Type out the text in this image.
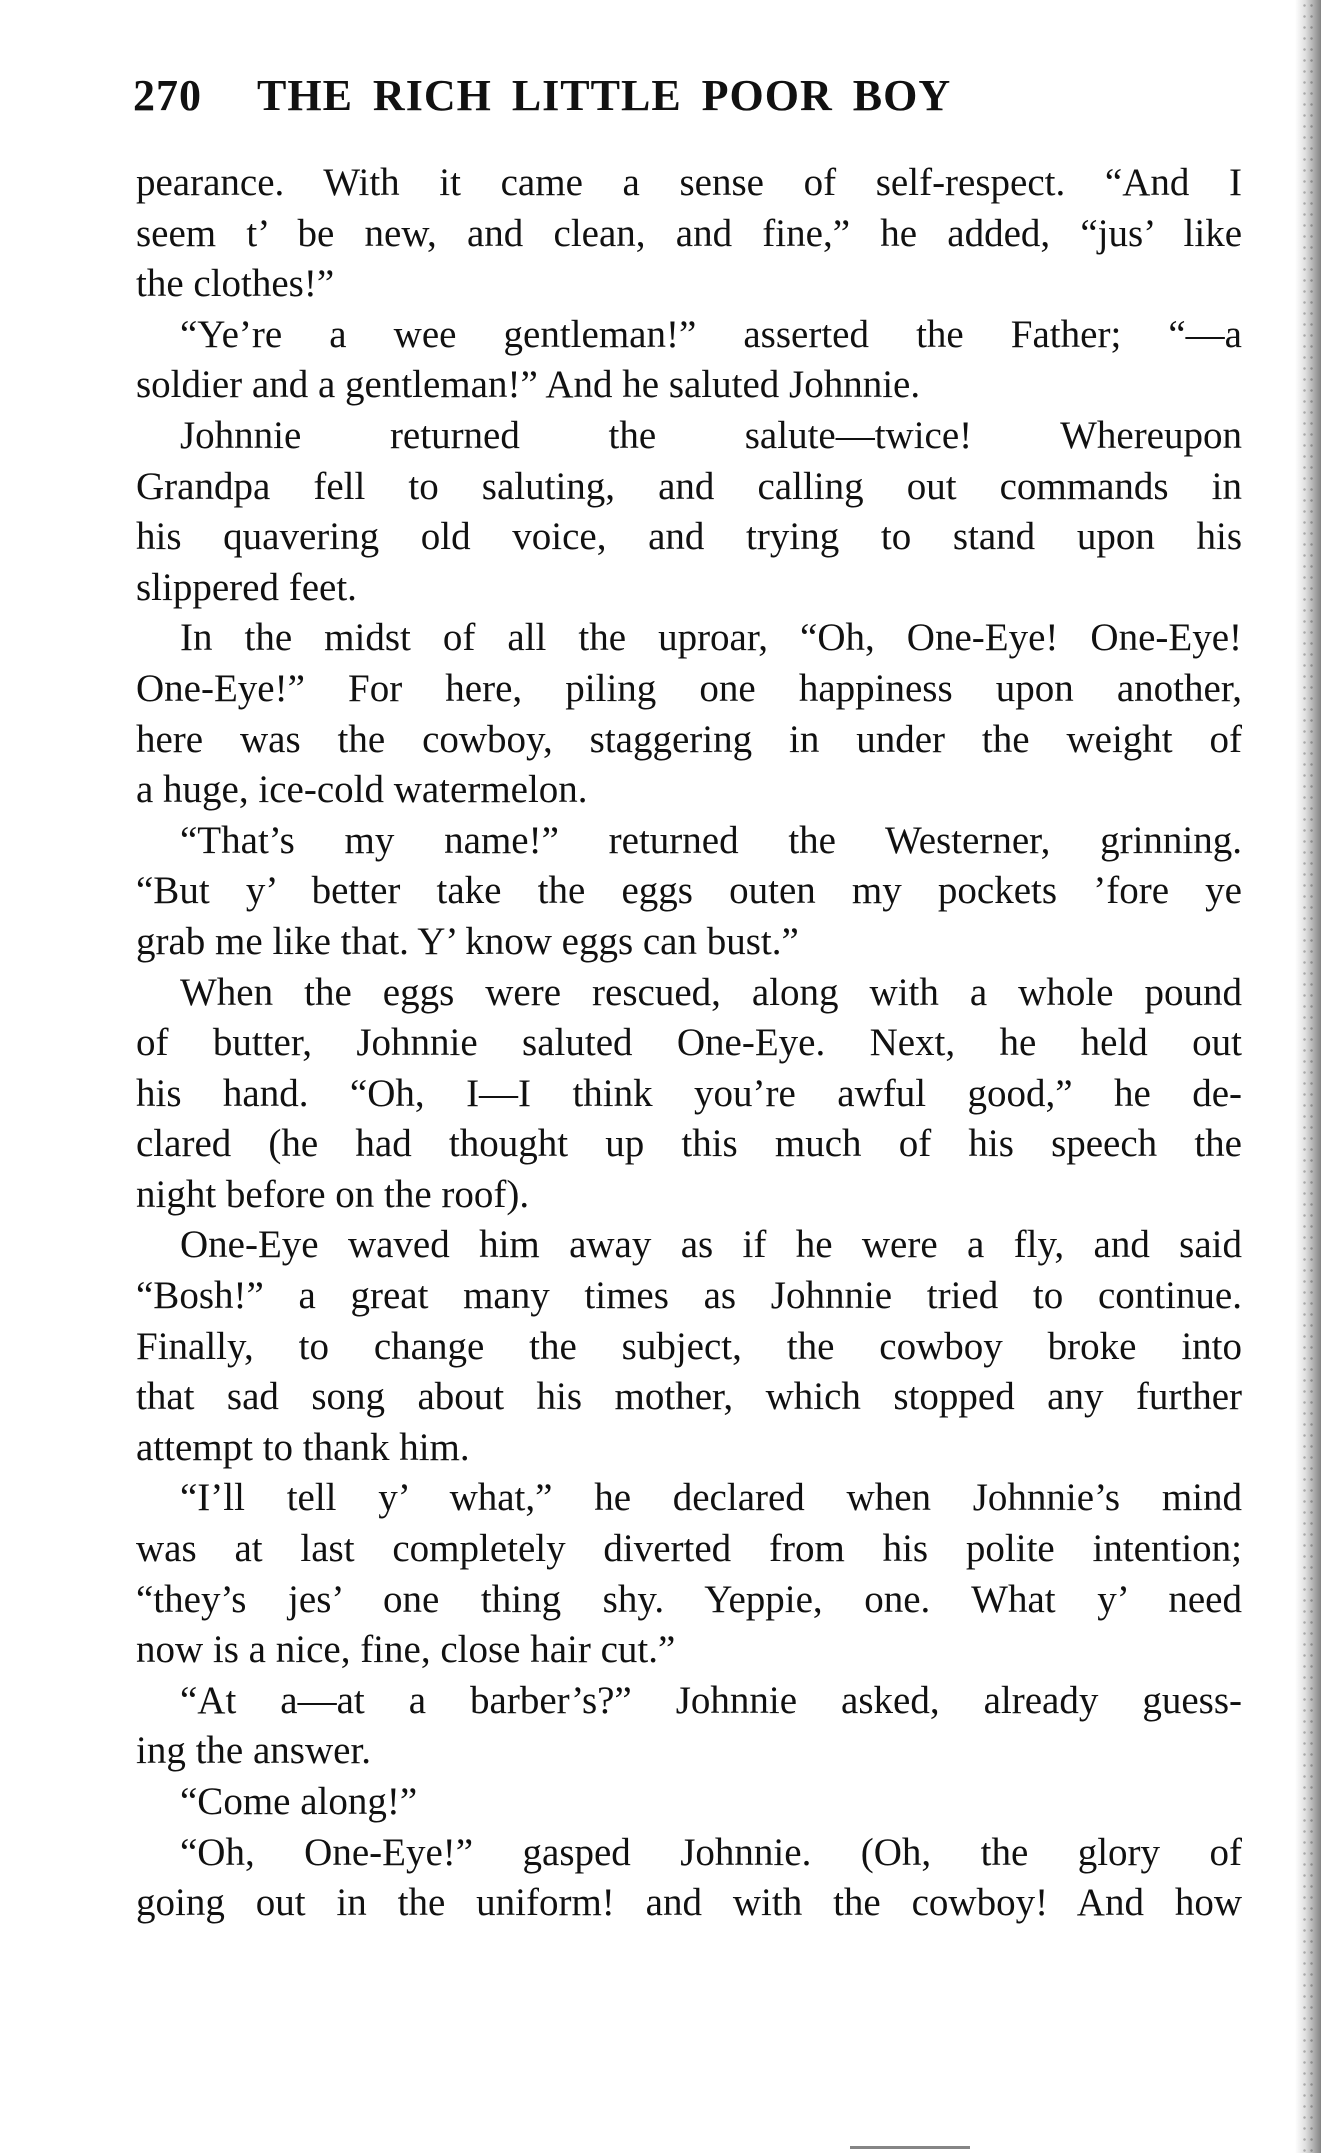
270 THE RICH LITTLE POOR BOY
pearance. With it came a sense of self-respect. “And I
seem t’ be new, and clean, and fine,” he added, “jus’ like
the clothes!”
“Ye’re a wee gentleman!” asserted the Father; “—a
soldier and a gentleman!” And he saluted Johnnie.
Johnnie returned the salute—twice! Whereupon
Grandpa fell to saluting, and calling out commands in
his quavering old voice, and trying to stand upon his
slippered feet.
In the midst of all the uproar, “Oh, One-Eye! One-Eye!
One-Eye!” For here, piling one happiness upon another,
here was the cowboy, staggering in under the weight of
a huge, ice-cold watermelon.
“That’s my name!” returned the Westerner, grinning.
“But y’ better take the eggs outen my pockets ’fore ye
grab me like that. Y’ know eggs can bust.”
When the eggs were rescued, along with a whole pound
of butter, Johnnie saluted One-Eye. Next, he held out
his hand. “Oh, I—I think you’re awful good,” he de-
clared (he had thought up this much of his speech the
night before on the roof).
One-Eye waved him away as if he were a fly, and said
“Bosh!” a great many times as Johnnie tried to continue.
Finally, to change the subject, the cowboy broke into
that sad song about his mother, which stopped any further
attempt to thank him.
“I’ll tell y’ what,” he declared when Johnnie’s mind
was at last completely diverted from his polite intention;
“they’s jes’ one thing shy. Yeppie, one. What y’ need
now is a nice, fine, close hair cut.”
“At a—at a barber’s?” Johnnie asked, already guess-
ing the answer.
“Come along!”
“Oh, One-Eye!” gasped Johnnie. (Oh, the glory of
going out in the uniform! and with the cowboy! And how
